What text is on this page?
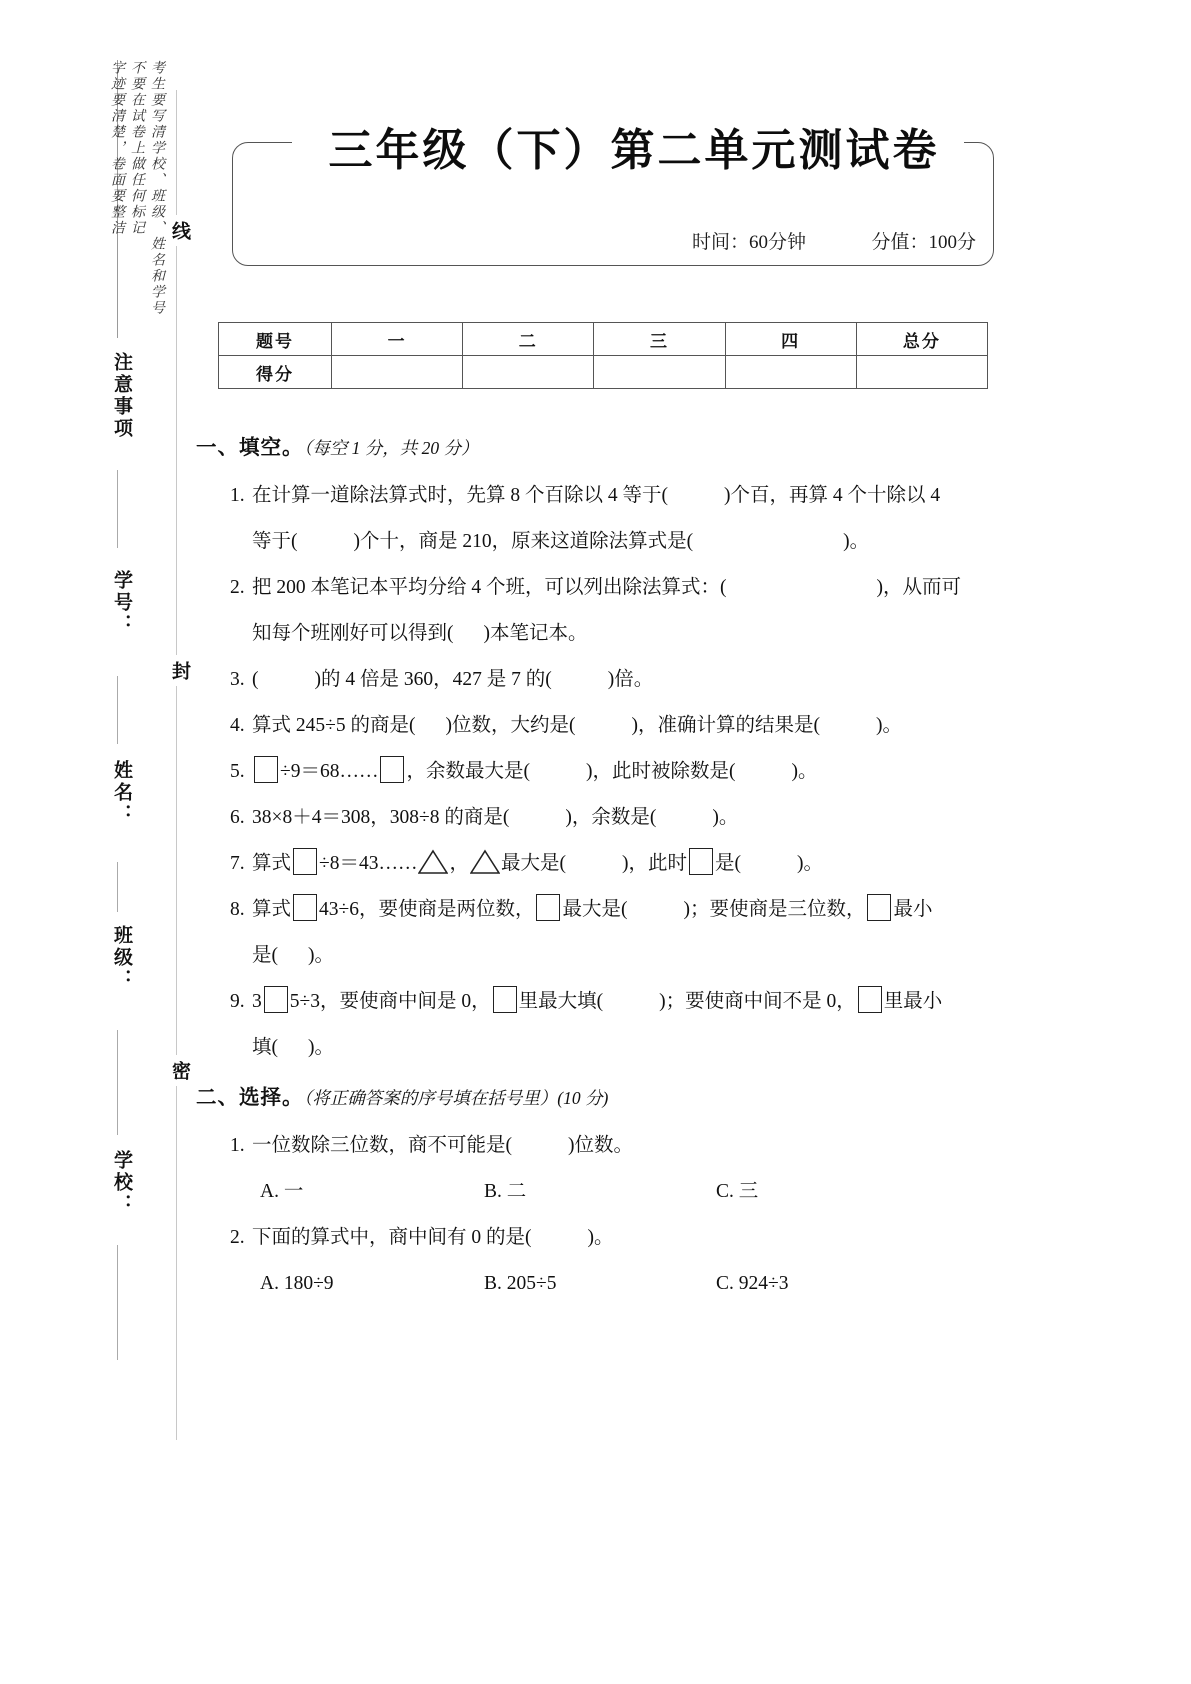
注意事项
考生要写清学校、班级、姓名和学号
不要在试卷上做任何标记
字迹要清楚，卷面要整洁
学号：
姓名：
班级：
学校：
线
封
密
三年级（下）第二单元测试卷
时间：60分钟	分值：100分
题号	一	二	三	四	总分
得分					
一、填空。（每空 1 分，共 20 分）
1. 在计算一道除法算式时，先算 8 个百除以 4 等于(	)个百，再算 4 个十除以 4
等于(	)个十，商是 210，原来这道除法算式是(	)。
2. 把 200 本笔记本平均分给 4 个班，可以列出除法算式：(	)，从而可
知每个班刚好可以得到( )本笔记本。
3. (	)的 4 倍是 360，427 是 7 的(	)倍。
4. 算式 245÷5 的商是( )位数，大约是(	)，准确计算的结果是(	)。
5. ÷9＝68…… ，余数最大是(	)，此时被除数是(	)。
6. 38×8＋4＝308，308÷8 的商是(	)，余数是(	)。
7. 算式 ÷8＝43…… ， 最大是(	)，此时 是(	)。
8. 算式 43÷6，要使商是两位数， 最大是(	)；要使商是三位数， 最小
是( )。
9. 3 5÷3，要使商中间是 0， 里最大填(	)；要使商中间不是 0， 里最小
填( )。
二、选择。（将正确答案的序号填在括号里）(10 分)
1. 一位数除三位数，商不可能是(	)位数。
A. 一	B. 二	C. 三
2. 下面的算式中，商中间有 0 的是(	)。
A. 180÷9	B. 205÷5	C. 924÷3
